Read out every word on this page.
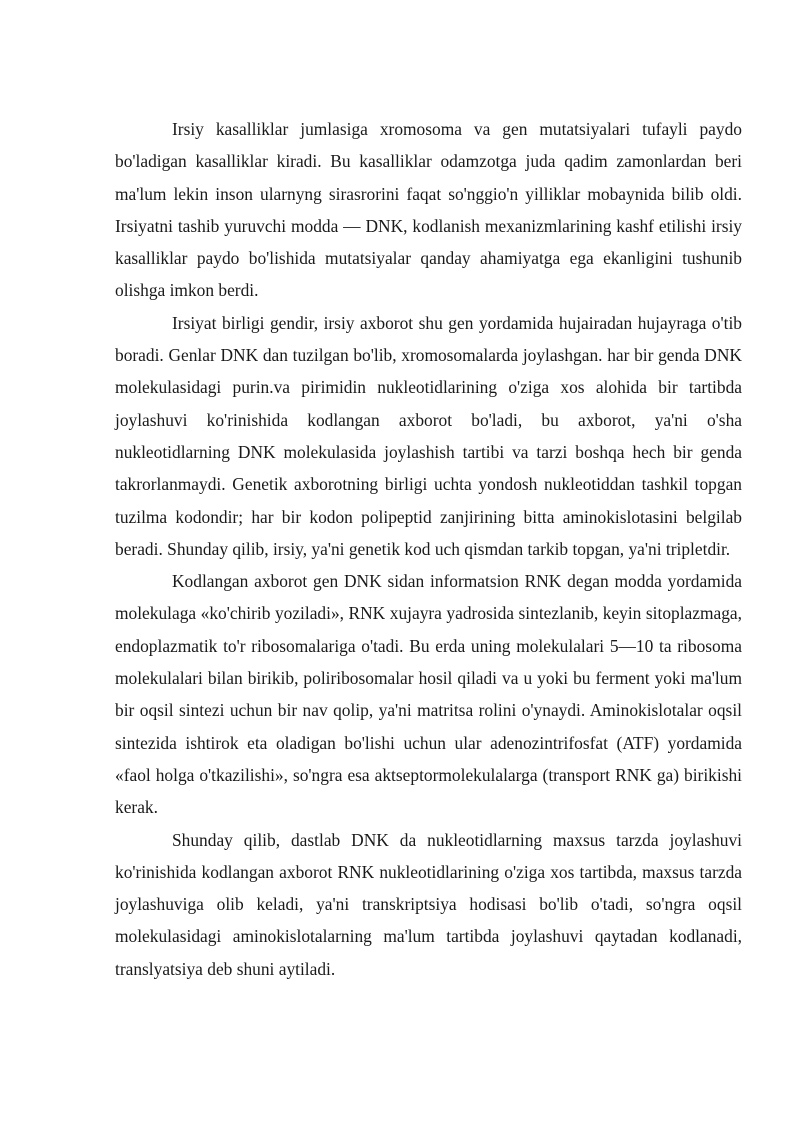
Irsiy kasalliklar jumlasiga xromosoma va gen mutatsiyalari tufayli paydo bo'ladigan kasalliklar kiradi. Bu kasalliklar odamzotga juda qadim zamonlardan beri ma'lum lekin inson ularnyng sirasrorini faqat so'nggio'n yilliklar mobaynida bilib oldi. Irsiyatni tashib yuruvchi modda — DNK, kodlanish mexanizmlarining kashf etilishi irsiy kasalliklar paydo bo'lishida mutatsiyalar qanday ahamiyatga ega ekanligini tushunib olishga imkon berdi.

Irsiyat birligi gendir, irsiy axborot shu gen yordamida hujairadan hujayraga o'tib boradi. Genlar DNK dan tuzilgan bo'lib, xromosomalarda joylashgan. har bir genda DNK molekulasidagi purin.va pirimidin nukleotidlarining o'ziga xos alohida bir tartibda joylashuvi ko'rinishida kodlangan axborot bo'ladi, bu axborot, ya'ni o'sha nukleotidlarning DNK molekulasida joylashish tartibi va tarzi boshqa hech bir genda takrorlanmaydi. Genetik axborotning birligi uchta yondosh nukleotiddan tashkil topgan tuzilma kodondir; har bir kodon polipeptid zanjirining bitta aminokislotasini belgilab beradi. Shunday qilib, irsiy, ya'ni genetik kod uch qismdan tarkib topgan, ya'ni tripletdir.

Kodlangan axborot gen DNK sidan informatsion RNK degan modda yordamida molekulaga «ko'chirib yoziladi», RNK xujayra yadrosida sintezlanib, keyin sitoplazmaga, endoplazmatik to'r ribosomalariga o'tadi. Bu erda uning molekulalari 5—10 ta ribosoma molekulalari bilan birikib, poliribosomalar hosil qiladi va u yoki bu ferment yoki ma'lum bir oqsil sintezi uchun bir nav qolip, ya'ni matritsa rolini o'ynaydi. Aminokislotalar oqsil sintezida ishtirok eta oladigan bo'lishi uchun ular adenozintrifosfat (ATF) yordamida «faol holga o'tkazilishi», so'ngra esa aktseptormolekulalarga (transport RNK ga) birikishi kerak.

Shunday qilib, dastlab DNK da nukleotidlarning maxsus tarzda joylashuvi ko'rinishida kodlangan axborot RNK nukleotidlarining o'ziga xos tartibda, maxsus tarzda joylashuviga olib keladi, ya'ni transkriptsiya hodisasi bo'lib o'tadi, so'ngra oqsil molekulasidagi aminokislotalarning ma'lum tartibda joylashuvi qaytadan kodlanadi, translyatsiya deb shuni aytiladi.
